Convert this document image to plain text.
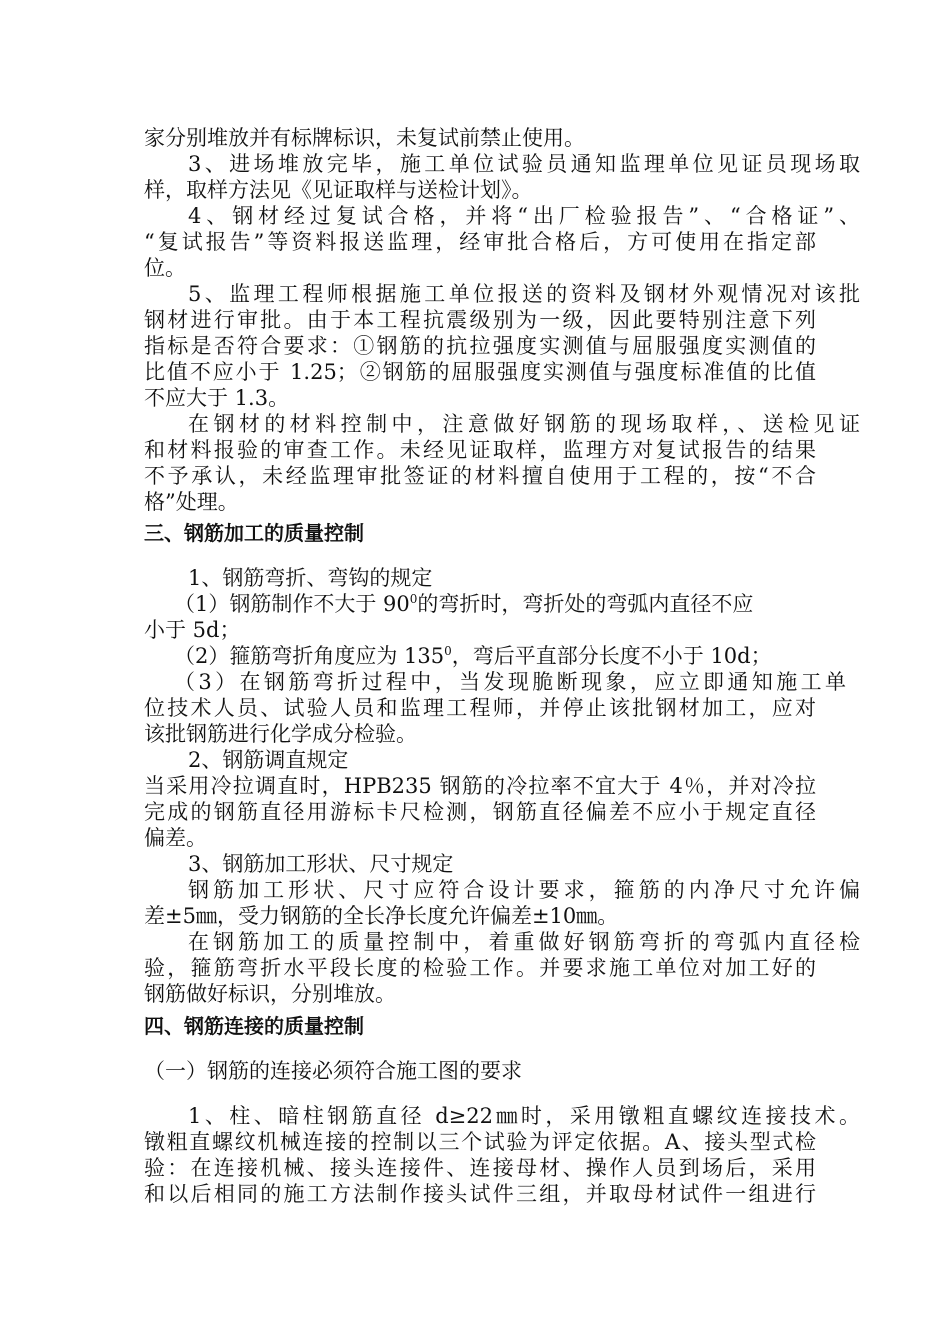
家分别堆放并有标牌标识，未复试前禁止使用。
3、进场堆放完毕，施工单位试验员通知监理单位见证员现场取
样，取样方法见《见证取样与送检计划》。
4、钢材经过复试合格，并将“出厂检验报告”、“合格证”、
“复试报告”等资料报送监理，经审批合格后，方可使用在指定部
位。
5、监理工程师根据施工单位报送的资料及钢材外观情况对该批
钢材进行审批。由于本工程抗震级别为一级，因此要特别注意下列
指标是否符合要求：①钢筋的抗拉强度实测值与屈服强度实测值的
比值不应小于 1.25；②钢筋的屈服强度实测值与强度标准值的比值
不应大于 1.3。
在钢材的材料控制中，注意做好钢筋的现场取样，、送检见证
和材料报验的审查工作。未经见证取样，监理方对复试报告的结果
不予承认，未经监理审批签证的材料擅自使用于工程的，按“不合
格”处理。
三、钢筋加工的质量控制
1、钢筋弯折、弯钩的规定
（1）钢筋制作不大于 $90^0$的弯折时，弯折处的弯弧内直径不应
小于 5d；
（2）箍筋弯折角度应为 $135^0$，弯后平直部分长度不小于 10d；
（3）在钢筋弯折过程中，当发现脆断现象，应立即通知施工单
位技术人员、试验人员和监理工程师，并停止该批钢材加工，应对
该批钢筋进行化学成分检验。
2、钢筋调直规定
当采用冷拉调直时，HPB235 钢筋的冷拉率不宜大于 4％，并对冷拉
完成的钢筋直径用游标卡尺检测，钢筋直径偏差不应小于规定直径
偏差。
3、钢筋加工形状、尺寸规定
钢筋加工形状、尺寸应符合设计要求，箍筋的内净尺寸允许偏
差±5㎜，受力钢筋的全长净长度允许偏差±10㎜。
在钢筋加工的质量控制中，着重做好钢筋弯折的弯弧内直径检
验，箍筋弯折水平段长度的检验工作。并要求施工单位对加工好的
钢筋做好标识，分别堆放。
四、钢筋连接的质量控制
（一）钢筋的连接必须符合施工图的要求
1、柱、暗柱钢筋直径 d≥22㎜时，采用镦粗直螺纹连接技术。
镦粗直螺纹机械连接的控制以三个试验为评定依据。A、接头型式检
验：在连接机械、接头连接件、连接母材、操作人员到场后，采用
和以后相同的施工方法制作接头试件三组，并取母材试件一组进行
